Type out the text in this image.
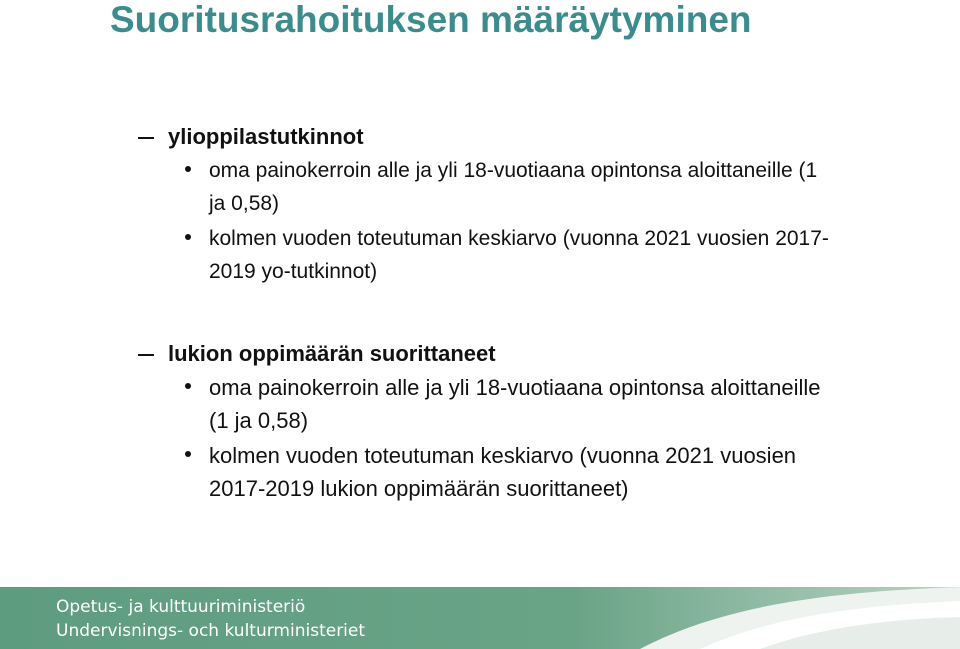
Suoritusrahoituksen määräytyminen
ylioppilastutkinnot
oma painokerroin alle ja yli 18-vuotiaana opintonsa aloittaneille (1 ja 0,58)
kolmen vuoden toteutuman keskiarvo (vuonna 2021 vuosien 2017-2019 yo-tutkinnot)
lukion oppimäärän suorittaneet
oma painokerroin alle ja yli 18-vuotiaana opintonsa aloittaneille (1 ja 0,58)
kolmen vuoden toteutuman keskiarvo (vuonna 2021 vuosien 2017-2019 lukion oppimäärän suorittaneet)
Opetus- ja kulttuuriministeriö
Undervisnings- och kulturministeriet
